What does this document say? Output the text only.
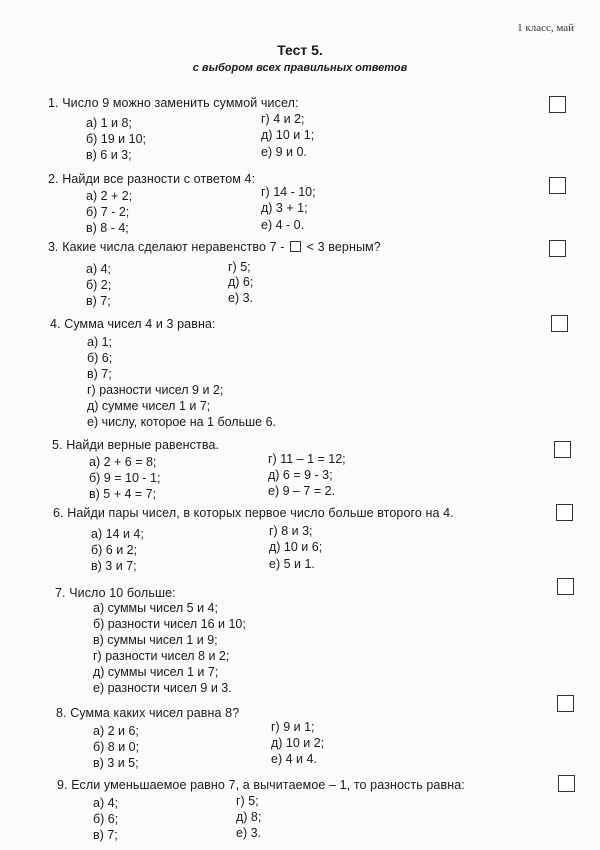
1 класс, май
Тест 5.
с выбором всех правильных ответов
1. Число 9 можно заменить суммой чисел:
а) 1 и 8;
б) 19 и 10;
в) 6 и 3;
г) 4 и 2;
д) 10 и 1;
е) 9 и 0.
2. Найди все разности с ответом 4:
а) 2 + 2;
б) 7 - 2;
в) 8 - 4;
г) 14 - 10;
д) 3 + 1;
е) 4 - 0.
3. Какие числа сделают неравенство 7 - < 3 верным?
а) 4;
б) 2;
в) 7;
г) 5;
д) 6;
е) 3.
4. Сумма чисел 4 и 3 равна:
а) 1;
б) 6;
в) 7;
г) разности чисел 9 и 2;
д) сумме чисел 1 и 7;
е) числу, которое на 1 больше 6.
5. Найди верные равенства.
а) 2 + 6 = 8;
б) 9 = 10 - 1;
в) 5 + 4 = 7;
г) 11 – 1 = 12;
д) 6 = 9 - 3;
е) 9 – 7 = 2.
6. Найди пары чисел, в которых первое число больше второго на 4.
а) 14 и 4;
б) 6 и 2;
в) 3 и 7;
г) 8 и 3;
д) 10 и 6;
е) 5 и 1.
7. Число 10 больше:
а) суммы чисел 5 и 4;
б) разности чисел 16 и 10;
в) суммы чисел 1 и 9;
г) разности чисел 8 и 2;
д) суммы чисел 1 и 7;
е) разности чисел 9 и 3.
8. Сумма каких чисел равна 8?
а) 2 и 6;
б) 8 и 0;
в) 3 и 5;
г) 9 и 1;
д) 10 и 2;
е) 4 и 4.
9. Если уменьшаемое равно 7, а вычитаемое – 1, то разность равна:
а) 4;
б) 6;
в) 7;
г) 5;
д) 8;
е) 3.
